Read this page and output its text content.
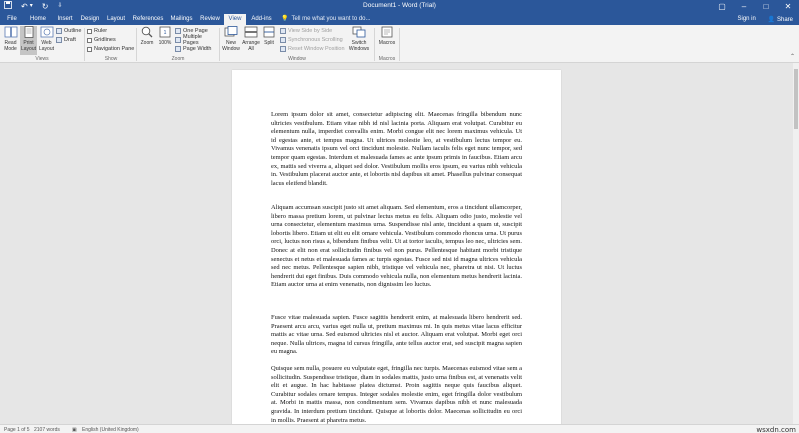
↶ ▾ ↻ ⇩	Document1 - Word (Trial)	▢	–	□	✕
File	Home	Insert	Design	Layout	References	Mailings	Review	View	Add-ins	💡 Tell me what you want to do...	Sign in 👤 Share
Read Mode
Print Layout
Web Layout
Outline
Draft
Views
Ruler
Gridlines
Navigation Pane
Show
Zoom
1
100%
One Page
Multiple Pages
Page Width
Zoom
New Window
Arrange All
Split
View Side by Side
Synchronous Scrolling
Reset Window Position
Switch Windows
Window
Macros
Macros	⌃

Lorem ipsum dolor sit amet, consectetur adipiscing elit. Maecenas fringilla bibendum nunc ultricies vestibulum. Etiam vitae nibh id nisl lacinia porta. Aliquam erat volutpat. Curabitur eu elementum nulla, imperdiet convallis enim. Morbi congue elit nec lorem maximus vehicula. Ut id egestas ante, et tempus magna. Ut ultrices molestie leo, at vestibulum lectus tempor eu. Vivamus venenatis ipsum vel orci tincidunt molestie. Nullam iaculis felis eget nunc tempor, sed tempor quam egestas. Interdum et malesuada fames ac ante ipsum primis in faucibus. Etiam arcu ex, mattis sed viverra a, aliquet sed dolor. Vestibulum mollis eros ipsum, eu varius nibh vehicula in. Vestibulum placerat auctor ante, et lobortis nisl dapibus sit amet. Phasellus pulvinar consequat lacus eleifend blandit.

Aliquam accumsan suscipit justo sit amet aliquam. Sed elementum, eros a tincidunt ullamcorper, libero massa pretium lorem, ut pulvinar lectus metus eu felis. Aliquam odio justo, molestie vel urna consectetur, elementum maximus urna. Suspendisse nisl ante, tincidunt a quam ut, suscipit lobortis libero. Etiam ut elit eu elit ornare vehicula. Vestibulum commodo rhoncus urna. Ut purus orci, luctus non risus a, bibendum finibus velit. Ut at tortor iaculis, tempus leo nec, ultricies sem. Donec at elit non erat sollicitudin finibus vel non purus. Pellentesque habitant morbi tristique senectus et netus et malesuada fames ac turpis egestas. Fusce sed nisi id magna ultrices vehicula sed nec metus. Pellentesque sapien nibh, tristique vel vehicula nec, pharetra ut nisi. Ut luctus hendrerit dui eget finibus. Duis commodo vehicula nulla, non elementum metus hendrerit lacinia. Etiam auctor urna at enim venenatis, non dignissim leo luctus.

Fusce vitae malesuada sapien. Fusce sagittis hendrerit enim, at malesuada libero hendrerit sed. Praesent arcu arcu, varius eget nulla ut, pretium maximus mi. In quis metus vitae lacus efficitur mattis ac vitae urna. Sed euismod ultricies nisl et auctor. Aliquam erat volutpat. Morbi eget orci neque. Nulla ultrices, magna id cursus fringilla, ante tellus auctor erat, sed suscipit magna sapien eu magna.

Quisque sem nulla, posuere eu vulputate eget, fringilla nec turpis. Maecenas euismod vitae sem a sollicitudin. Suspendisse tristique, diam in sodales mattis, justo urna finibus est, at venenatis velit elit et augue. In hac habitasse platea dictumst. Proin sagittis neque quis faucibus aliquet. Curabitur sodales ornare tempus. Integer sodales molestie enim, eget fringilla dolor vestibulum at. Morbi in mattis massa, non condimentum sem. Vivamus dapibus nibh et nunc malesuada gravida. In interdum pretium tincidunt. Quisque at lobortis dolor. Maecenas sollicitudin eu orci in mollis. Praesent at pharetra metus.

Page 1 of 5 2107 words ▣ English (United Kingdom)	wsxdn.com
